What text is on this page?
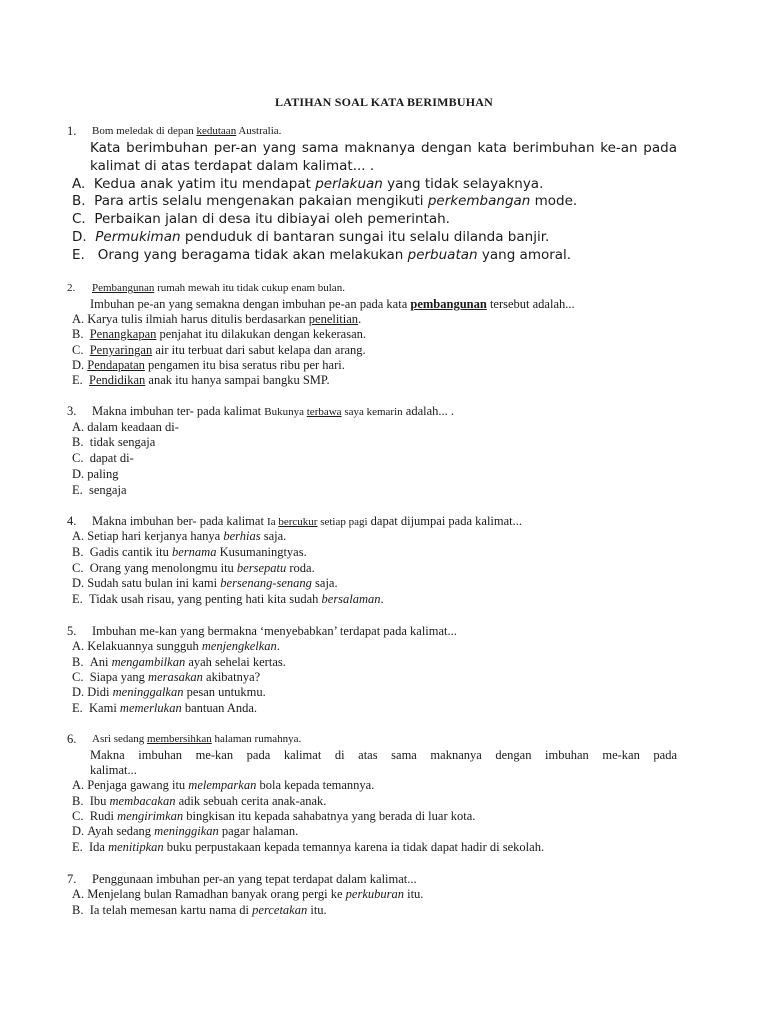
LATIHAN SOAL KATA BERIMBUHAN
1. Bom meledak di depan kedutaan Australia.
Kata berimbuhan per-an yang sama maknanya dengan kata berimbuhan ke-an pada
kalimat di atas terdapat dalam kalimat... .
A. Kedua anak yatim itu mendapat perlakuan yang tidak selayaknya.
B. Para artis selalu mengenakan pakaian mengikuti perkembangan mode.
C. Perbaikan jalan di desa itu dibiayai oleh pemerintah.
D. Permukiman penduduk di bantaran sungai itu selalu dilanda banjir.
E. Orang yang beragama tidak akan melakukan perbuatan yang amoral.
2. Pembangunan rumah mewah itu tidak cukup enam bulan.
Imbuhan pe-an yang semakna dengan imbuhan pe-an pada kata pembangunan tersebut adalah...
A. Karya tulis ilmiah harus ditulis berdasarkan penelitian.
B. Penangkapan penjahat itu dilakukan dengan kekerasan.
C. Penyaringan air itu terbuat dari sabut kelapa dan arang.
D. Pendapatan pengamen itu bisa seratus ribu per hari.
E. Pendidikan anak itu hanya sampai bangku SMP.
3. Makna imbuhan ter- pada kalimat Bukunya terbawa saya kemarin adalah... .
A. dalam keadaan di-
B. tidak sengaja
C. dapat di-
D. paling
E. sengaja
4. Makna imbuhan ber- pada kalimat Ia bercukur setiap pagi dapat dijumpai pada kalimat...
A. Setiap hari kerjanya hanya berhias saja.
B. Gadis cantik itu bernama Kusumaningtyas.
C. Orang yang menolongmu itu bersepatu roda.
D. Sudah satu bulan ini kami bersenang-senang saja.
E. Tidak usah risau, yang penting hati kita sudah bersalaman.
5. Imbuhan me-kan yang bermakna ‘menyebabkan’ terdapat pada kalimat...
A. Kelakuannya sungguh menjengkelkan.
B. Ani mengambilkan ayah sehelai kertas.
C. Siapa yang merasakan akibatnya?
D. Didi meninggalkan pesan untukmu.
E. Kami memerlukan bantuan Anda.
6. Asri sedang membersihkan halaman rumahnya.
Makna imbuhan me-kan pada kalimat di atas sama maknanya dengan imbuhan me-kan pada
kalimat...
A. Penjaga gawang itu melemparkan bola kepada temannya.
B. Ibu membacakan adik sebuah cerita anak-anak.
C. Rudi mengirimkan bingkisan itu kepada sahabatnya yang berada di luar kota.
D. Ayah sedang meninggikan pagar halaman.
E. Ida menitipkan buku perpustakaan kepada temannya karena ia tidak dapat hadir di sekolah.
7. Penggunaan imbuhan per-an yang tepat terdapat dalam kalimat...
A. Menjelang bulan Ramadhan banyak orang pergi ke perkuburan itu.
B. Ia telah memesan kartu nama di percetakan itu.
